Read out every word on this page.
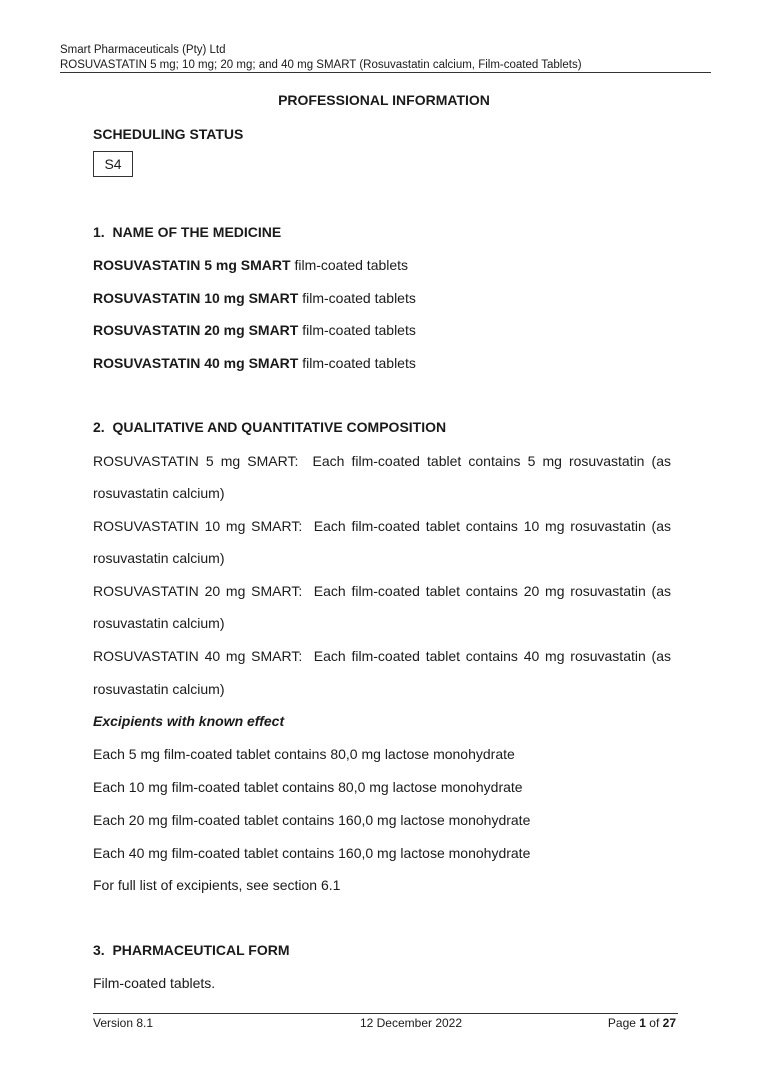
Smart Pharmaceuticals (Pty) Ltd
ROSUVASTATIN 5 mg; 10 mg; 20 mg; and 40 mg SMART (Rosuvastatin calcium, Film-coated Tablets)
PROFESSIONAL INFORMATION
SCHEDULING STATUS
S4
1.  NAME OF THE MEDICINE
ROSUVASTATIN 5 mg SMART film-coated tablets
ROSUVASTATIN 10 mg SMART film-coated tablets
ROSUVASTATIN 20 mg SMART film-coated tablets
ROSUVASTATIN 40 mg SMART film-coated tablets
2.  QUALITATIVE AND QUANTITATIVE COMPOSITION
ROSUVASTATIN 5 mg SMART:  Each film-coated tablet contains 5 mg rosuvastatin (as
rosuvastatin calcium)
ROSUVASTATIN 10 mg SMART:  Each film-coated tablet contains 10 mg rosuvastatin (as
rosuvastatin calcium)
ROSUVASTATIN 20 mg SMART:  Each film-coated tablet contains 20 mg rosuvastatin (as
rosuvastatin calcium)
ROSUVASTATIN 40 mg SMART:  Each film-coated tablet contains 40 mg rosuvastatin (as
rosuvastatin calcium)
Excipients with known effect
Each 5 mg film-coated tablet contains 80,0 mg lactose monohydrate
Each 10 mg film-coated tablet contains 80,0 mg lactose monohydrate
Each 20 mg film-coated tablet contains 160,0 mg lactose monohydrate
Each 40 mg film-coated tablet contains 160,0 mg lactose monohydrate
For full list of excipients, see section 6.1
3.  PHARMACEUTICAL FORM
Film-coated tablets.
Version 8.1	12 December 2022	Page 1 of 27
